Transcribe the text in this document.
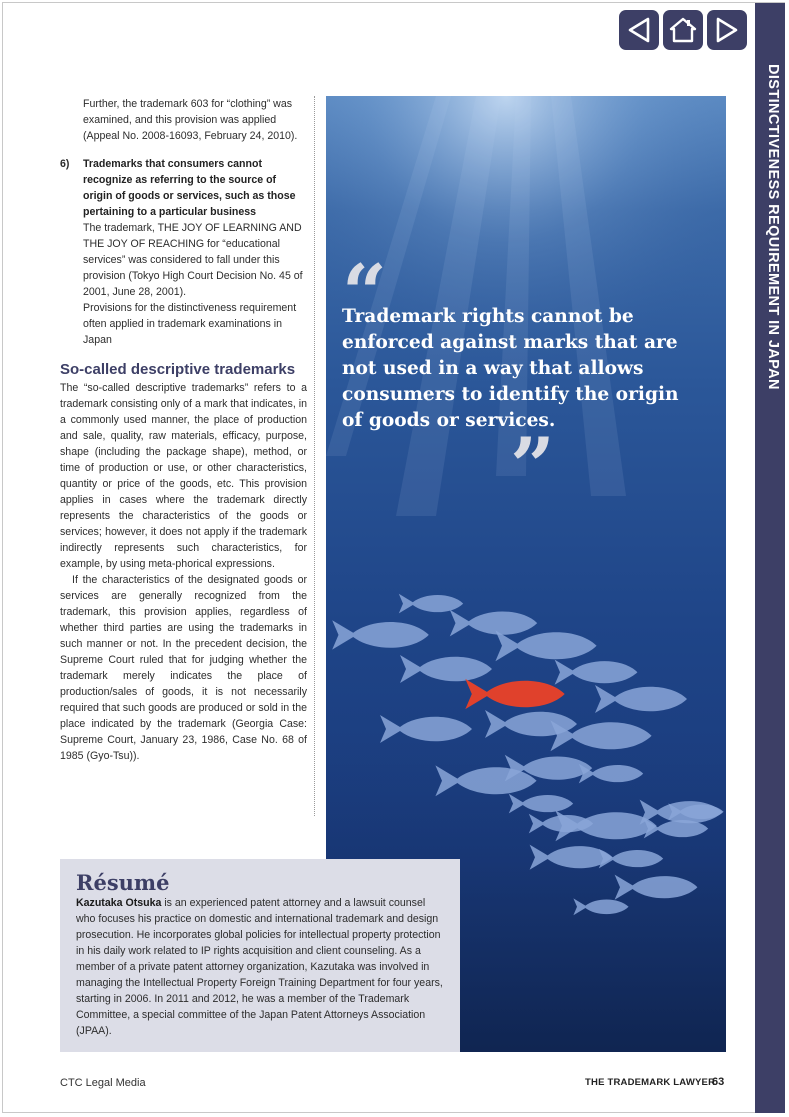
DISTINCTIVENESS REQUIREMENT IN JAPAN
Further, the trademark 603 for “clothing” was examined, and this provision was applied (Appeal No. 2008-16093, February 24, 2010).
6)	Trademarks that consumers cannot recognize as referring to the source of origin of goods or services, such as those pertaining to a particular business
The trademark, THE JOY OF LEARNING AND THE JOY OF REACHING for “educational services” was considered to fall under this provision (Tokyo High Court Decision No. 45 of 2001, June 28, 2001).
Provisions for the distinctiveness requirement often applied in trademark examinations in Japan
So-called descriptive trademarks
The “so-called descriptive trademarks” refers to a trademark consisting only of a mark that indicates, in a commonly used manner, the place of production and sale, quality, raw materials, efficacy, purpose, shape (including the package shape), method, or time of production or use, or other characteristics, quantity or price of the goods, etc. This provision applies in cases where the trademark directly represents the characteristics of the goods or services; however, it does not apply if the trademark indirectly represents such characteristics, for example, by using meta-phorical expressions.
If the characteristics of the designated goods or services are generally recognized from the trademark, this provision applies, regardless of whether third parties are using the trademarks in such manner or not. In the precedent decision, the Supreme Court ruled that for judging whether the trademark merely indicates the place of production/sales of goods, it is not necessarily required that such goods are produced or sold in the place indicated by the trademark (Georgia Case: Supreme Court, January 23, 1986, Case No. 68 of 1985 (Gyo-Tsu)).
“
Trademark rights cannot be enforced against marks that are not used in a way that allows consumers to identify the origin of goods or services.
”
Résumé
Kazutaka Otsuka is an experienced patent attorney and a lawsuit counsel who focuses his practice on domestic and international trademark and design prosecution. He incorporates global policies for intellectual property protection in his daily work related to IP rights acquisition and client counseling. As a member of a private patent attorney organization, Kazutaka was involved in managing the Intellectual Property Foreign Training Department for four years, starting in 2006. In 2011 and 2012, he was a member of the Trademark Committee, a special committee of the Japan Patent Attorneys Association (JPAA).
CTC Legal Media	THE TRADEMARK LAWYER
63
